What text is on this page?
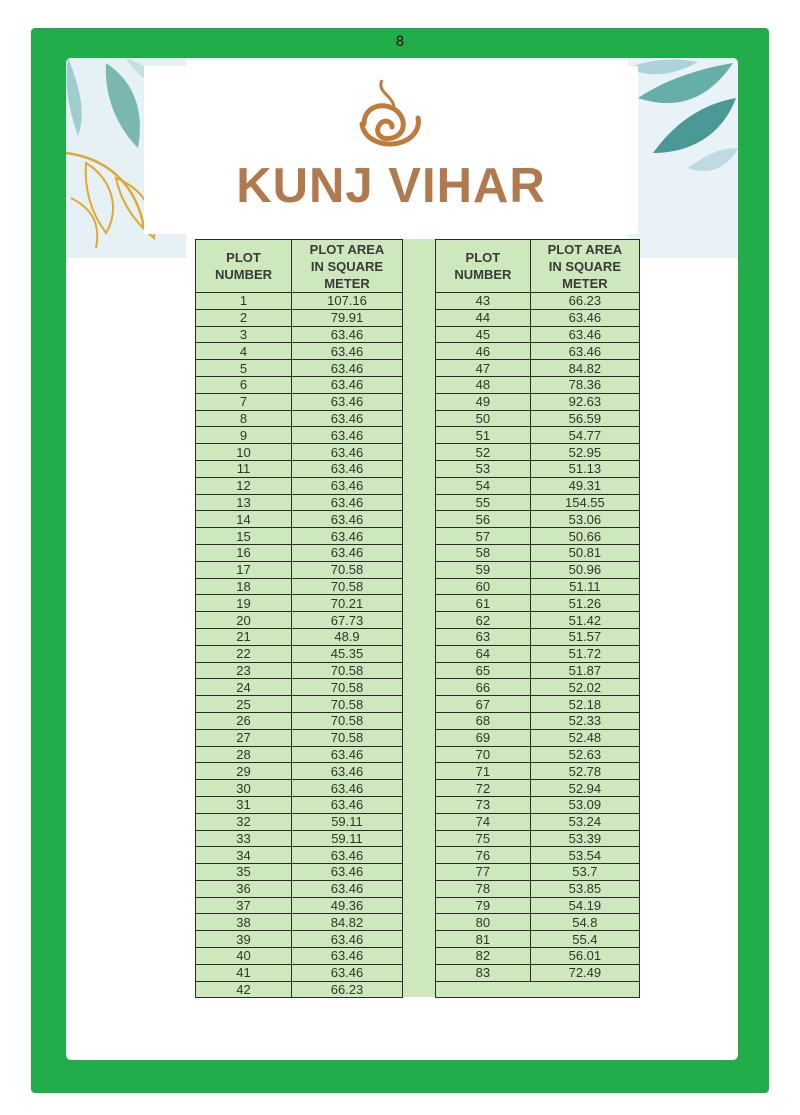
8
KUNJ VIHAR
PLOT
NUMBER	PLOT AREA
IN SQUARE
METER
1	107.16
2	79.91
3	63.46
4	63.46
5	63.46
6	63.46
7	63.46
8	63.46
9	63.46
10	63.46
11	63.46
12	63.46
13	63.46
14	63.46
15	63.46
16	63.46
17	70.58
18	70.58
19	70.21
20	67.73
21	48.9
22	45.35
23	70.58
24	70.58
25	70.58
26	70.58
27	70.58
28	63.46
29	63.46
30	63.46
31	63.46
32	59.11
33	59.11
34	63.46
35	63.46
36	63.46
37	49.36
38	84.82
39	63.46
40	63.46
41	63.46
42	66.23
PLOT
NUMBER	PLOT AREA
IN SQUARE
METER
43	66.23
44	63.46
45	63.46
46	63.46
47	84.82
48	78.36
49	92.63
50	56.59
51	54.77
52	52.95
53	51.13
54	49.31
55	154.55
56	53.06
57	50.66
58	50.81
59	50.96
60	51.11
61	51.26
62	51.42
63	51.57
64	51.72
65	51.87
66	52.02
67	52.18
68	52.33
69	52.48
70	52.63
71	52.78
72	52.94
73	53.09
74	53.24
75	53.39
76	53.54
77	53.7
78	53.85
79	54.19
80	54.8
81	55.4
82	56.01
83	72.49
